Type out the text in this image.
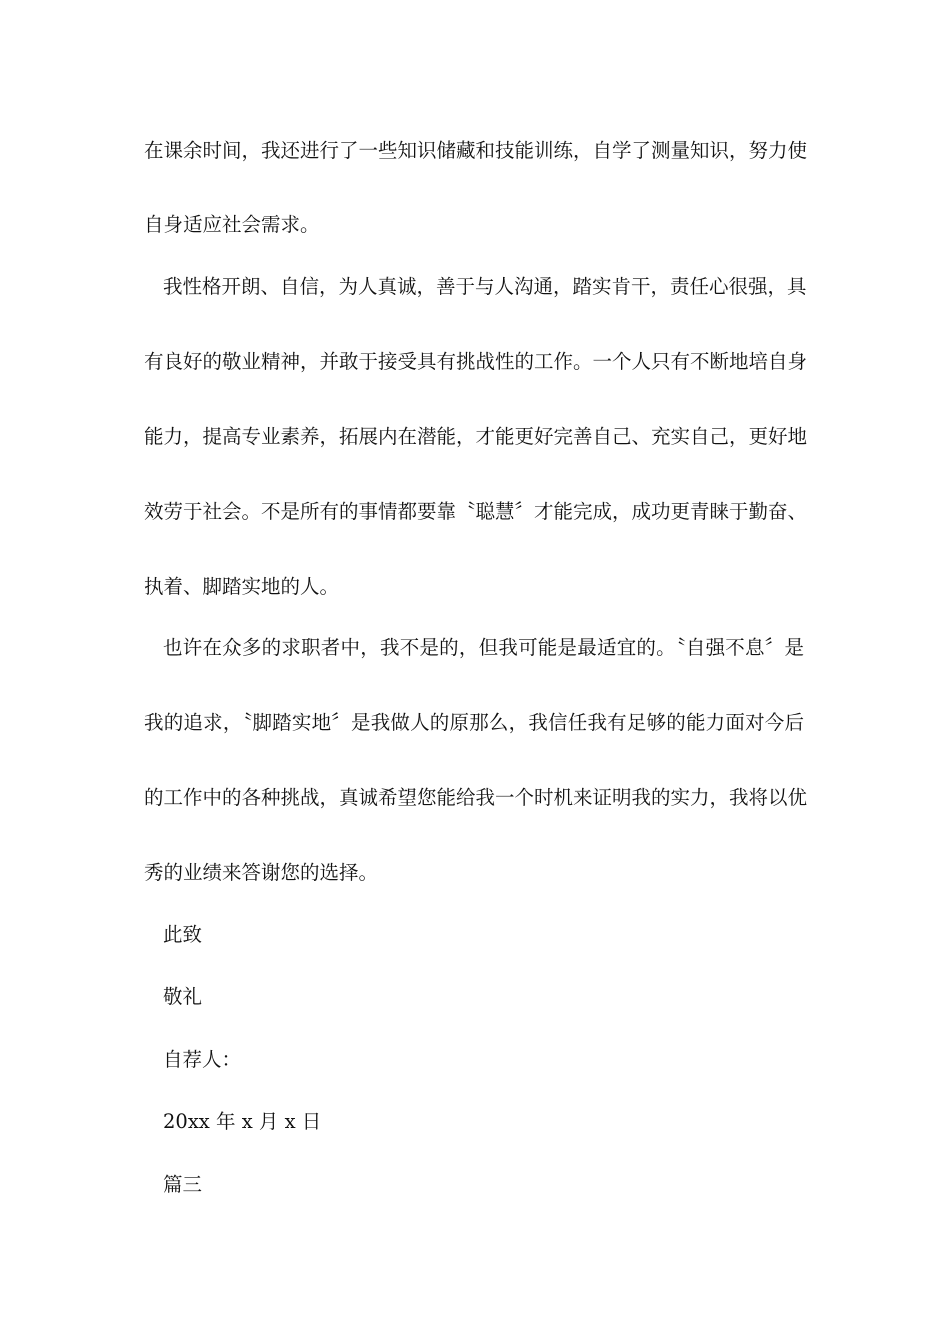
在课余时间，我还进行了一些知识储藏和技能训练，自学了测量知识，努力使
自身适应社会需求。
我性格开朗、自信，为人真诚，善于与人沟通，踏实肯干，责任心很强，具
有良好的敬业精神，并敢于接受具有挑战性的工作。一个人只有不断地培自身
能力，提高专业素养，拓展内在潜能，才能更好完善自己、充实自己，更好地
效劳于社会。不是所有的事情都要靠〝聪慧〞才能完成，成功更青睐于勤奋、
执着、脚踏实地的人。
也许在众多的求职者中，我不是的，但我可能是最适宜的。〝自强不息〞是
我的追求，〝脚踏实地〞是我做人的原那么，我信任我有足够的能力面对今后
的工作中的各种挑战，真诚希望您能给我一个时机来证明我的实力，我将以优
秀的业绩来答谢您的选择。
此致
敬礼
自荐人：
20xx 年 x 月 x 日
篇三
